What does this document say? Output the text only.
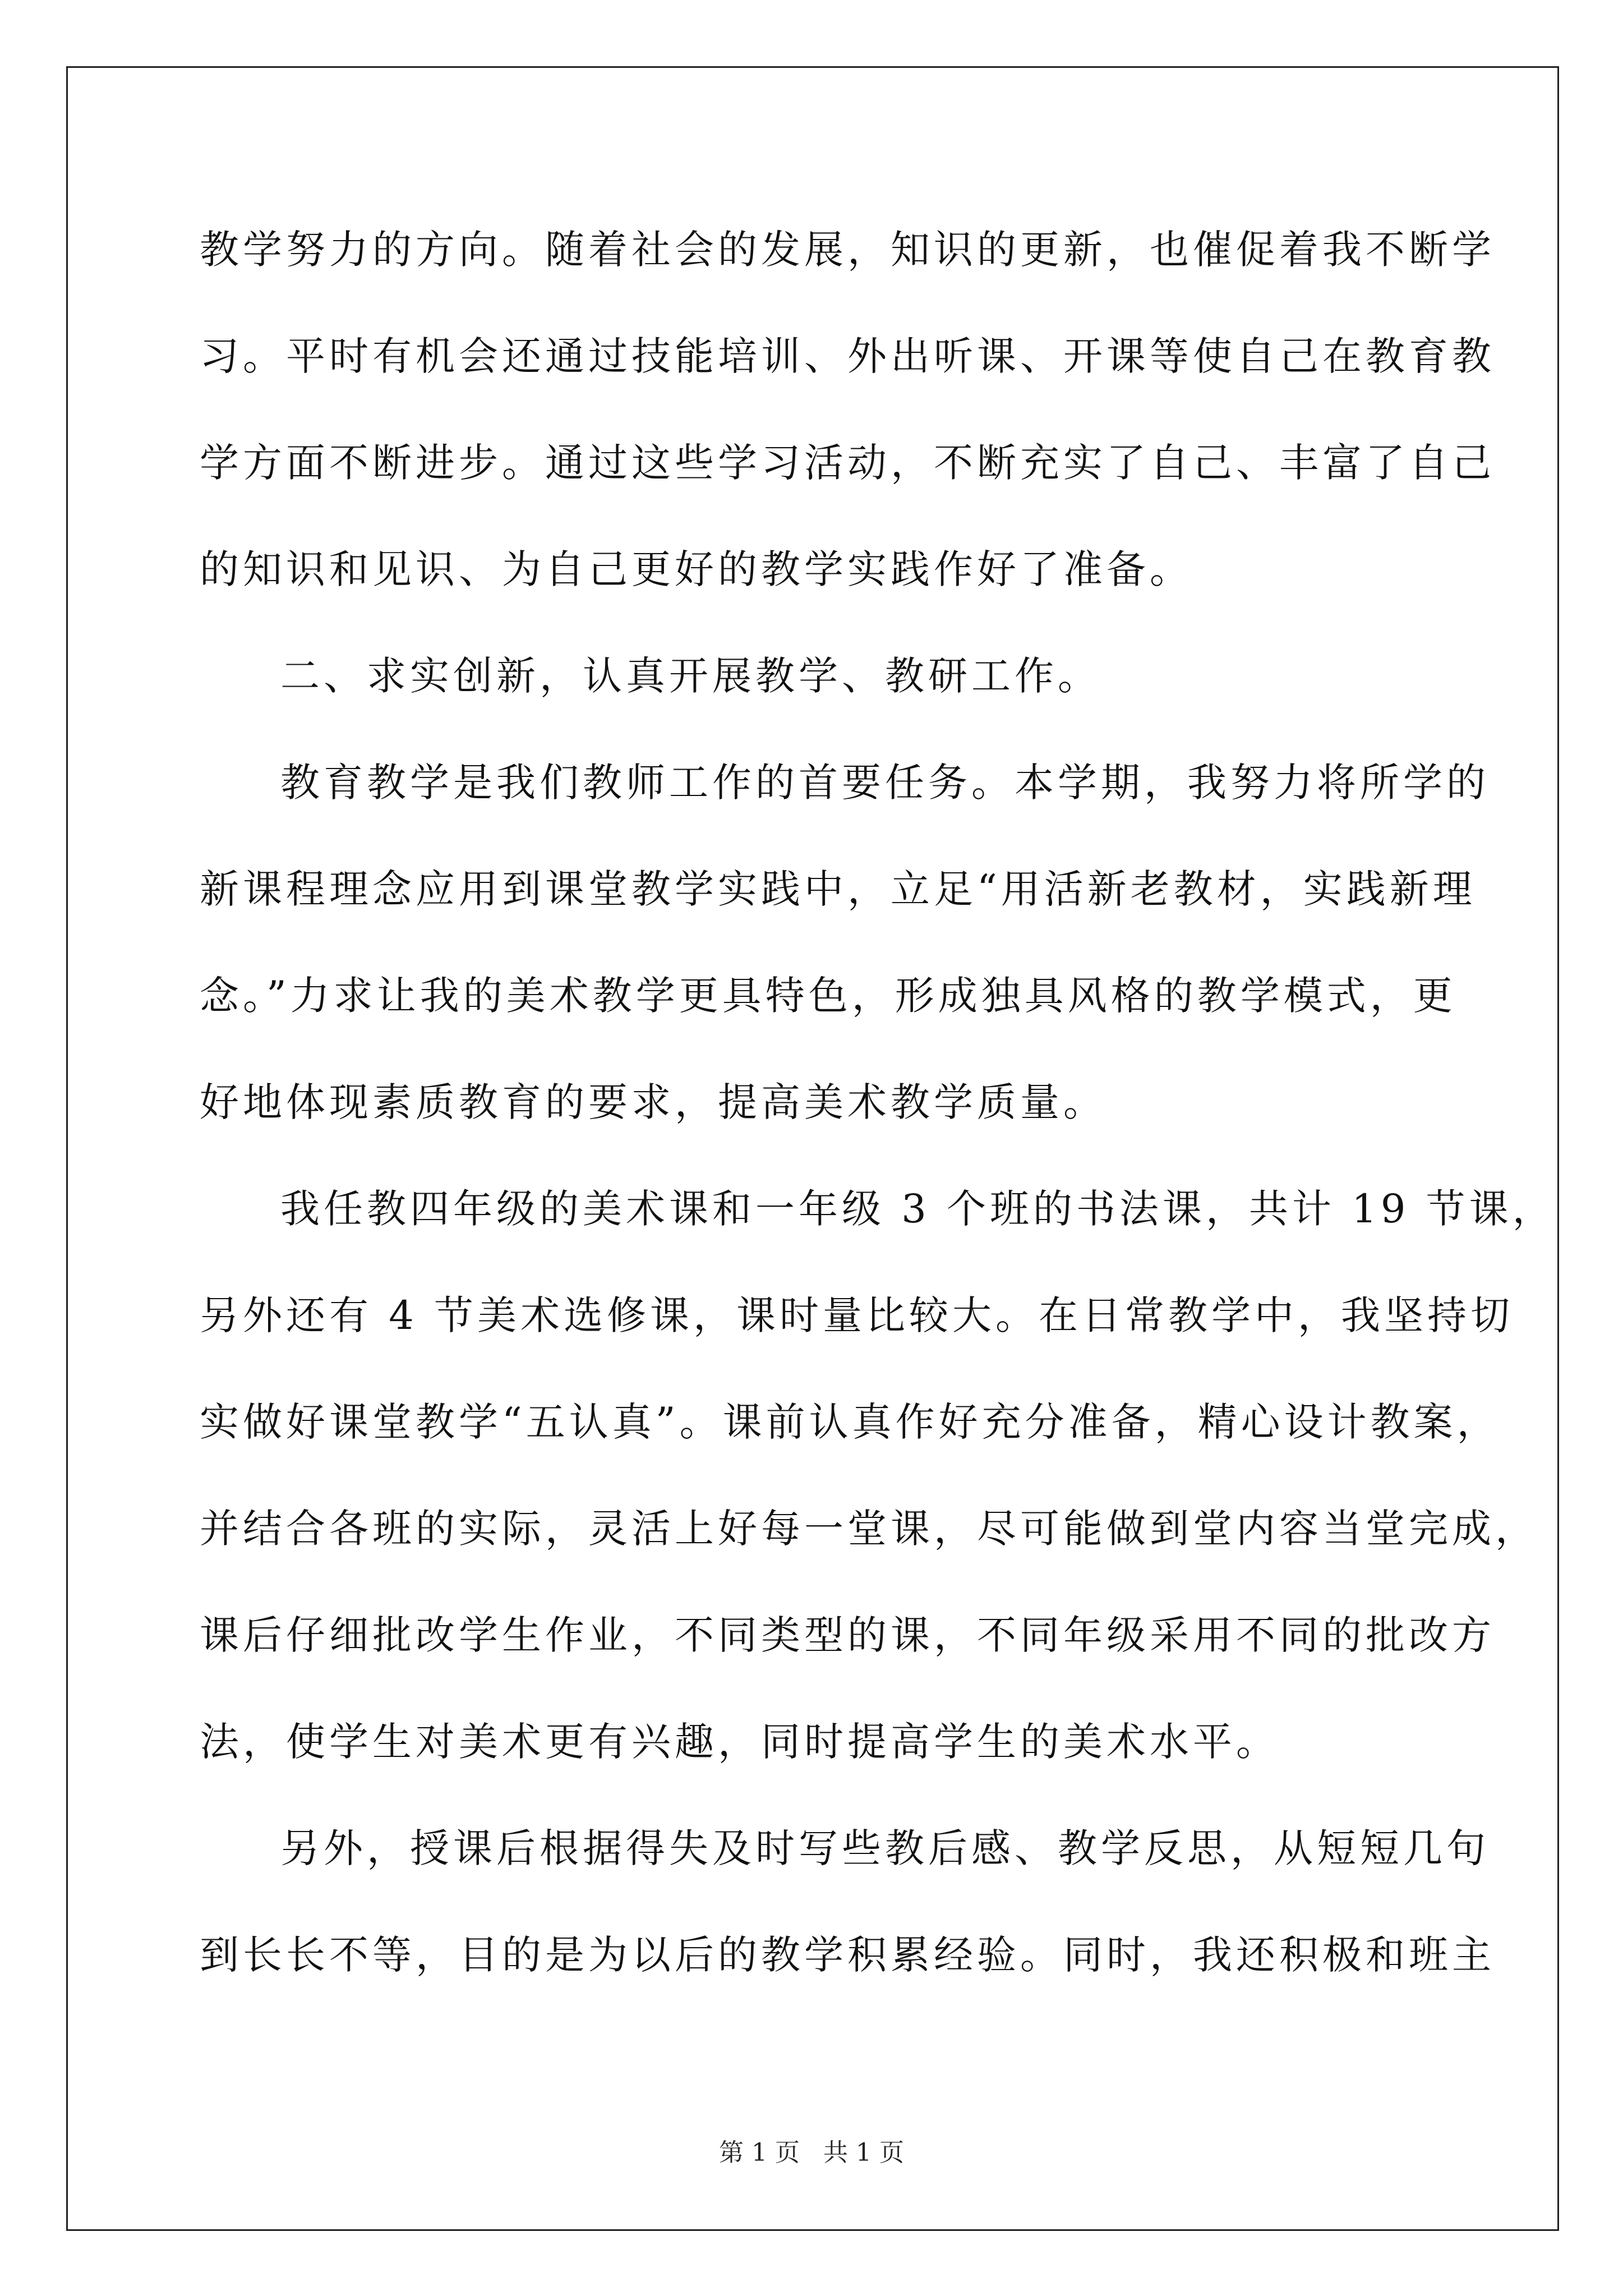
教学努力的方向。随着社会的发展，知识的更新，也催促着我不断学
习。平时有机会还通过技能培训、外出听课、开课等使自己在教育教
学方面不断进步。通过这些学习活动，不断充实了自己、丰富了自己
的知识和见识、为自己更好的教学实践作好了准备。
二、求实创新，认真开展教学、教研工作。
教育教学是我们教师工作的首要任务。本学期，我努力将所学的
新课程理念应用到课堂教学实践中，立足“用活新老教材，实践新理
念。”力求让我的美术教学更具特色，形成独具风格的教学模式，更
好地体现素质教育的要求，提高美术教学质量。
我任教四年级的美术课和一年级 3 个班的书法课，共计 19 节课，
另外还有 4 节美术选修课，课时量比较大。在日常教学中，我坚持切
实做好课堂教学“五认真”。课前认真作好充分准备，精心设计教案，
并结合各班的实际，灵活上好每一堂课，尽可能做到堂内容当堂完成，
课后仔细批改学生作业，不同类型的课，不同年级采用不同的批改方
法，使学生对美术更有兴趣，同时提高学生的美术水平。
另外，授课后根据得失及时写些教后感、教学反思，从短短几句
到长长不等，目的是为以后的教学积累经验。同时，我还积极和班主
第 1 页 共 1 页
